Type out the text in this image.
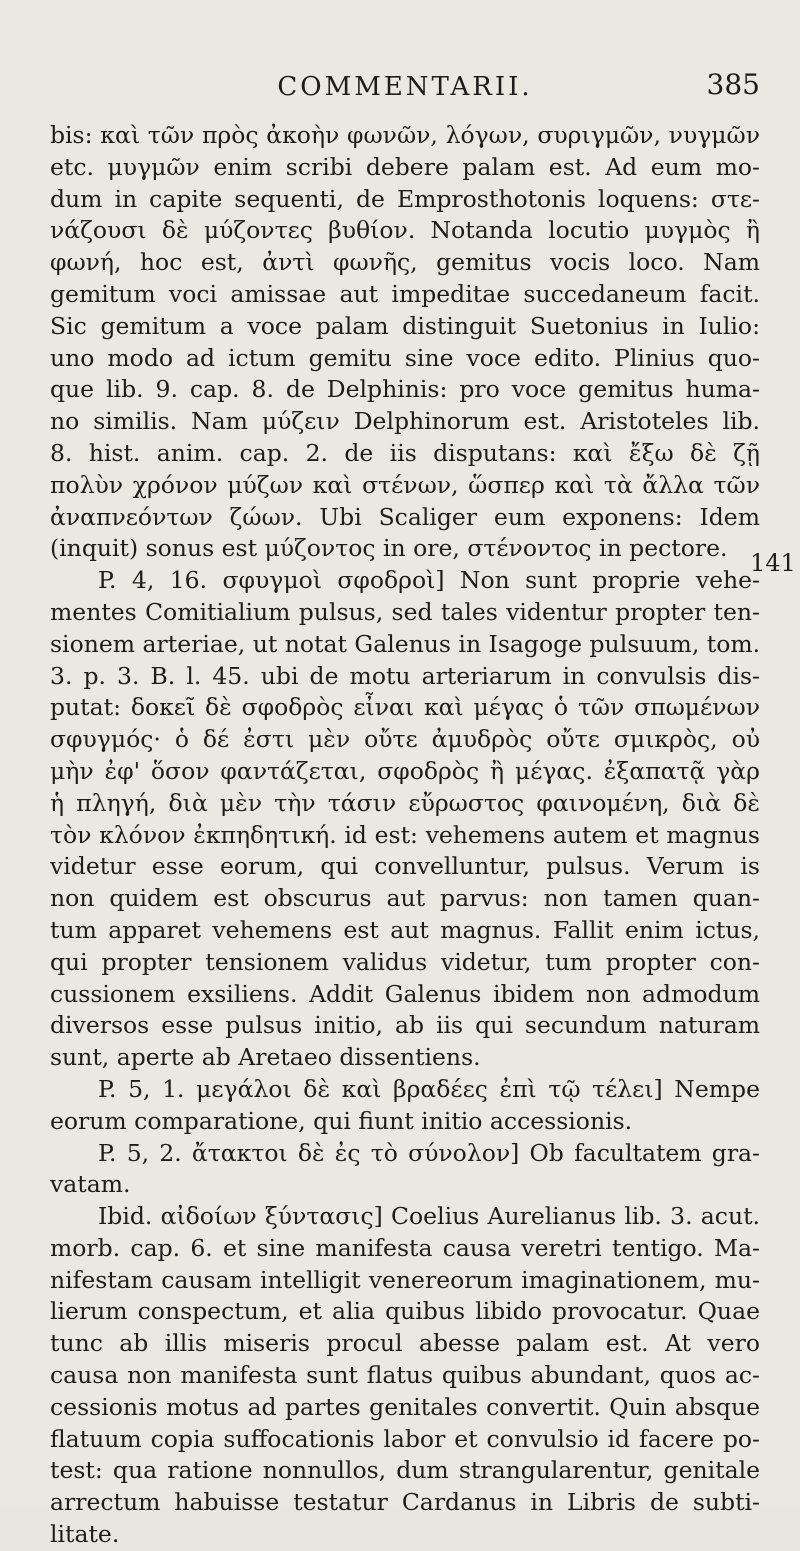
COMMENTARII.	385
bis: καὶ τῶν πρὸς ἀκοὴν φωνῶν, λόγων, συριγμῶν, νυγμῶν
etc. μυγμῶν enim scribi debere palam est. Ad eum mo-
dum in capite sequenti, de Emprosthotonis loquens: στε-
νάζουσι δὲ μύζοντες βυθίον. Notanda locutio μυγμὸς ἢ
φωνή, hoc est, ἀντὶ φωνῆς, gemitus vocis loco. Nam
gemitum voci amissae aut impeditae succedaneum facit.
Sic gemitum a voce palam distinguit Suetonius in Iulio:
uno modo ad ictum gemitu sine voce edito. Plinius quo-
que lib. 9. cap. 8. de Delphinis: pro voce gemitus huma-
no similis. Nam μύζειν Delphinorum est. Aristoteles lib.
8. hist. anim. cap. 2. de iis disputans: καὶ ἔξω δὲ ζῇ
πολὺν χρόνον μύζων καὶ στένων, ὥσπερ καὶ τὰ ἄλλα τῶν
ἀναπνεόντων ζώων. Ubi Scaliger eum exponens: Idem
(inquit) sonus est μύζοντος in ore, στένοντος in pectore.
P. 4, 16. σφυγμοὶ σφοδροὶ] Non sunt proprie vehe-
mentes Comitialium pulsus, sed tales videntur propter ten-
sionem arteriae, ut notat Galenus in Isagoge pulsuum, tom.
3. p. 3. B. l. 45. ubi de motu arteriarum in convulsis dis-
putat: δοκεῖ δὲ σφοδρὸς εἶναι καὶ μέγας ὁ τῶν σπωμένων
σφυγμός· ὁ δέ ἐστι μὲν οὔτε ἀμυδρὸς οὔτε σμικρὸς, οὐ
μὴν ἐφ' ὅσον φαντάζεται, σφοδρὸς ἢ μέγας. ἐξαπατᾷ γὰρ
ἡ πληγή, διὰ μὲν τὴν τάσιν εὔρωστος φαινομένη, διὰ δὲ
τὸν κλόνον ἐκπηδητική. id est: vehemens autem et magnus
videtur esse eorum, qui convelluntur, pulsus. Verum is
non quidem est obscurus aut parvus: non tamen quan-
tum apparet vehemens est aut magnus. Fallit enim ictus,
qui propter tensionem validus videtur, tum propter con-
cussionem exsiliens. Addit Galenus ibidem non admodum
diversos esse pulsus initio, ab iis qui secundum naturam
sunt, aperte ab Aretaeo dissentiens.
P. 5, 1. μεγάλοι δὲ καὶ βραδέες ἐπὶ τῷ τέλει] Nempe
eorum comparatione, qui fiunt initio accessionis.
P. 5, 2. ἄτακτοι δὲ ἐς τὸ σύνολον] Ob facultatem gra-
vatam.
Ibid. αἰδοίων ξύντασις] Coelius Aurelianus lib. 3. acut.
morb. cap. 6. et sine manifesta causa veretri tentigo. Ma-
nifestam causam intelligit venereorum imaginationem, mu-
lierum conspectum, et alia quibus libido provocatur. Quae
tunc ab illis miseris procul abesse palam est. At vero
causa non manifesta sunt flatus quibus abundant, quos ac-
cessionis motus ad partes genitales convertit. Quin absque
flatuum copia suffocationis labor et convulsio id facere po-
test: qua ratione nonnullos, dum strangularentur, genitale
arrectum habuisse testatur Cardanus in Libris de subti-
litate.
141
